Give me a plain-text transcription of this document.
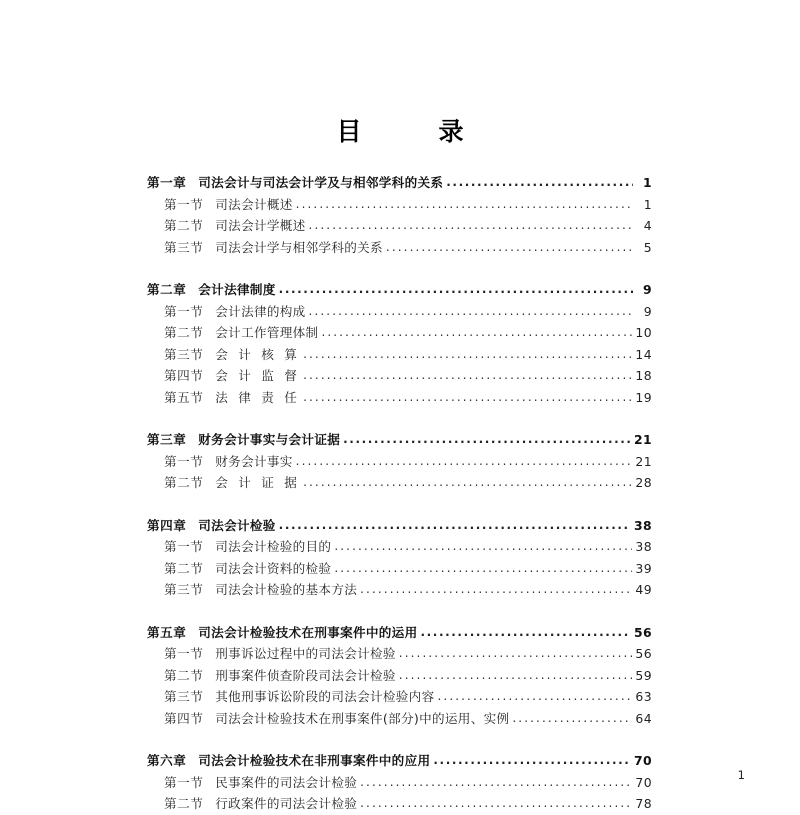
目　录
第一章 司法会计与司法会计学及与相邻学科的关系 .....	1
第一节 司法会计概述 .....	1
第二节 司法会计学概述 .....	4
第三节 司法会计学与相邻学科的关系 .....	5
第二章 会计法律制度 .....	9
第一节 会计法律的构成 .....	9
第二节 会计工作管理体制 .....	10
第三节 会 计 核 算 .....	14
第四节 会 计 监 督 .....	18
第五节 法 律 责 任 .....	19
第三章 财务会计事实与会计证据 .....	21
第一节 财务会计事实 .....	21
第二节 会 计 证 据 .....	28
第四章 司法会计检验 .....	38
第一节 司法会计检验的目的 .....	38
第二节 司法会计资料的检验 .....	39
第三节 司法会计检验的基本方法 .....	49
第五章 司法会计检验技术在刑事案件中的运用 .....	56
第一节 刑事诉讼过程中的司法会计检验 .....	56
第二节 刑事案件侦查阶段司法会计检验 .....	59
第三节 其他刑事诉讼阶段的司法会计检验内容 .....	63
第四节 司法会计检验技术在刑事案件(部分)中的运用、实例 .....	64
第六章 司法会计检验技术在非刑事案件中的应用 .....	70
第一节 民事案件的司法会计检验 .....	70
第二节 行政案件的司法会计检验 .....	78
1
